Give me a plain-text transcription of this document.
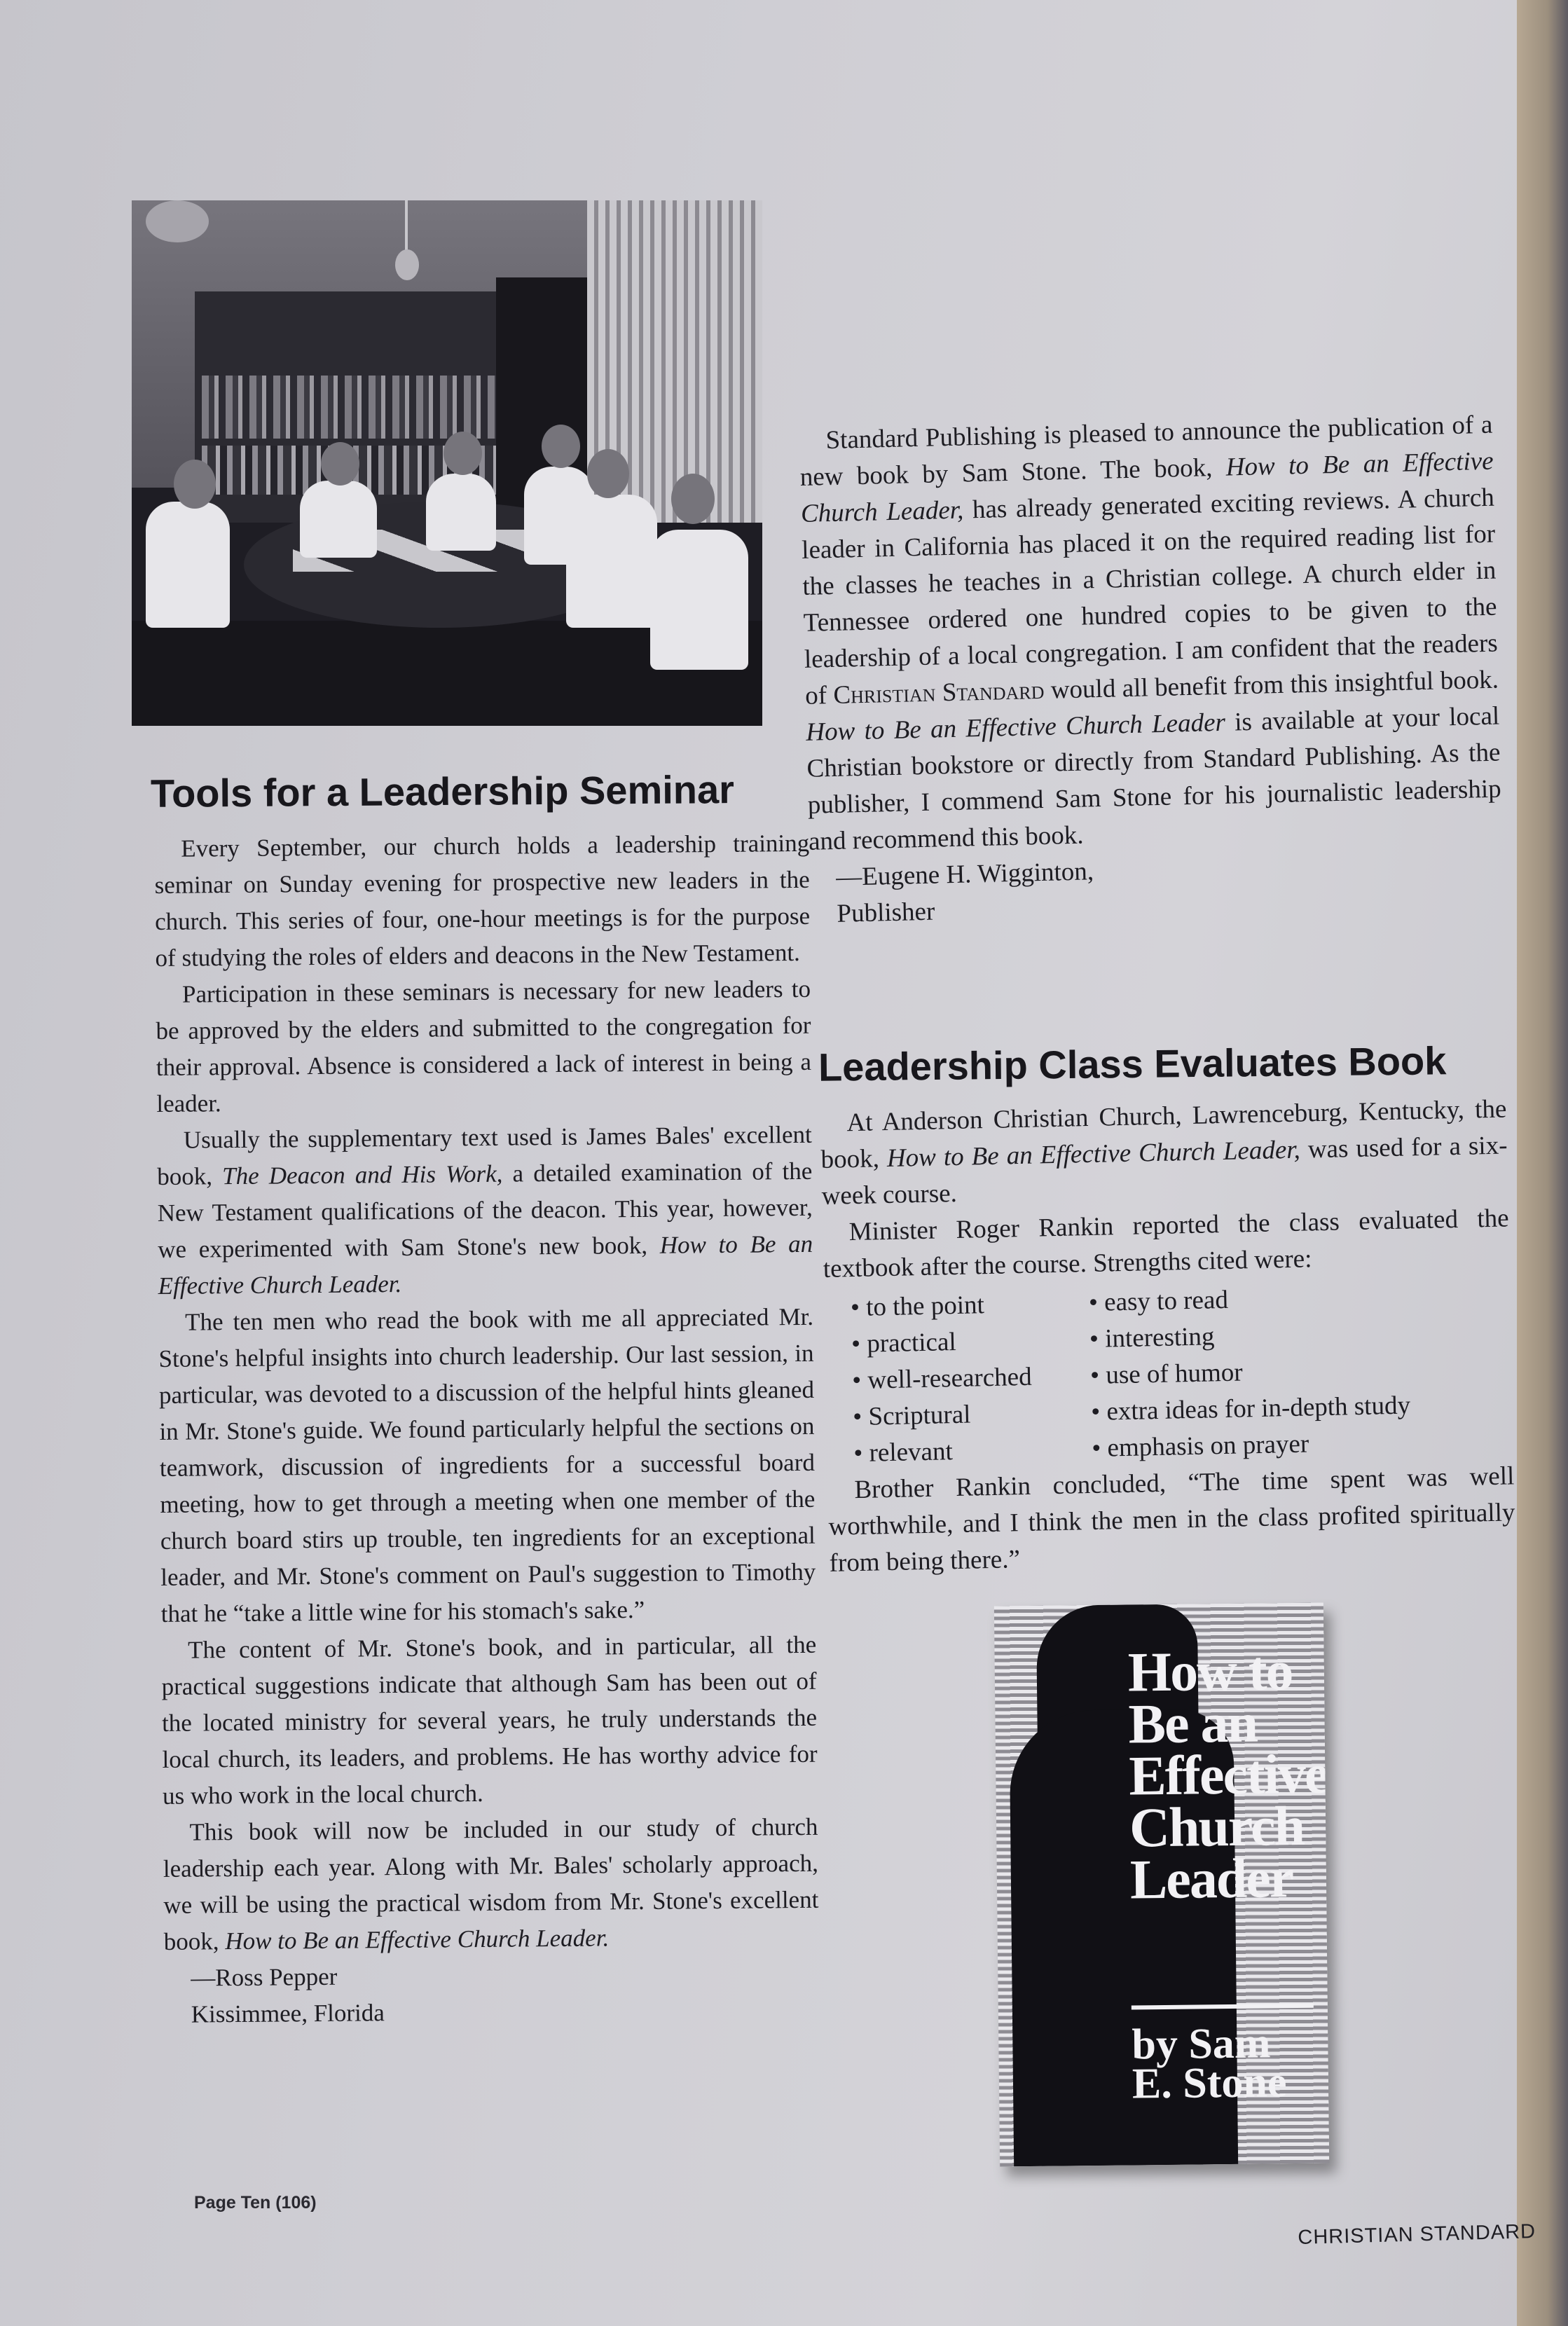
Tools for a Leadership Seminar

Every September, our church holds a leadership training seminar on Sunday evening for prospective new leaders in the church. This series of four, one-hour meetings is for the purpose of studying the roles of elders and deacons in the New Testament.

Participation in these seminars is necessary for new leaders to be approved by the elders and submitted to the congregation for their approval. Absence is considered a lack of interest in being a leader.

Usually the supplementary text used is James Bales' excellent book, The Deacon and His Work, a detailed examination of the New Testament qualifications of the deacon. This year, however, we experimented with Sam Stone's new book, How to Be an Effective Church Leader.

The ten men who read the book with me all appreciated Mr. Stone's helpful insights into church leadership. Our last session, in particular, was devoted to a discussion of the helpful hints gleaned in Mr. Stone's guide. We found particularly helpful the sections on teamwork, discussion of ingredients for a successful board meeting, how to get through a meeting when one member of the church board stirs up trouble, ten ingredients for an exceptional leader, and Mr. Stone's comment on Paul's suggestion to Timothy that he “take a little wine for his stomach's sake.”

The content of Mr. Stone's book, and in particular, all the practical suggestions indicate that although Sam has been out of the located ministry for several years, he truly understands the local church, its leaders, and problems. He has worthy advice for us who work in the local church.

This book will now be included in our study of church leadership each year. Along with Mr. Bales' scholarly approach, we will be using the practical wisdom from Mr. Stone's excellent book, How to Be an Effective Church Leader.

—Ross Pepper

Kissimmee, Florida

Standard Publishing is pleased to announce the publication of a new book by Sam Stone. The book, How to Be an Effective Church Leader, has already generated exciting reviews. A church leader in California has placed it on the required reading list for the classes he teaches in a Christian college. A church elder in Tennessee ordered one hundred copies to be given to the leadership of a local congregation. I am confident that the readers of Christian Standard would all benefit from this insightful book. How to Be an Effective Church Leader is available at your local Christian bookstore or directly from Standard Publishing. As the publisher, I commend Sam Stone for his journalistic leadership and recommend this book.

—Eugene H. Wigginton,

Publisher

Leadership Class Evaluates Book

At Anderson Christian Church, Lawrenceburg, Kentucky, the book, How to Be an Effective Church Leader, was used for a six-week course.

Minister Roger Rankin reported the class evaluated the textbook after the course. Strengths cited were:

• to the point	• easy to read
• practical	• interesting
• well-researched	• use of humor
• Scriptural	• extra ideas for in-depth study
• relevant	• emphasis on prayer

Brother Rankin concluded, “The time spent was well worthwhile, and I think the men in the class profited spiritually from being there.”

How to Be an Effective Church Leader
by Sam E. Stone
Page Ten (106)
CHRISTIAN STANDARD
